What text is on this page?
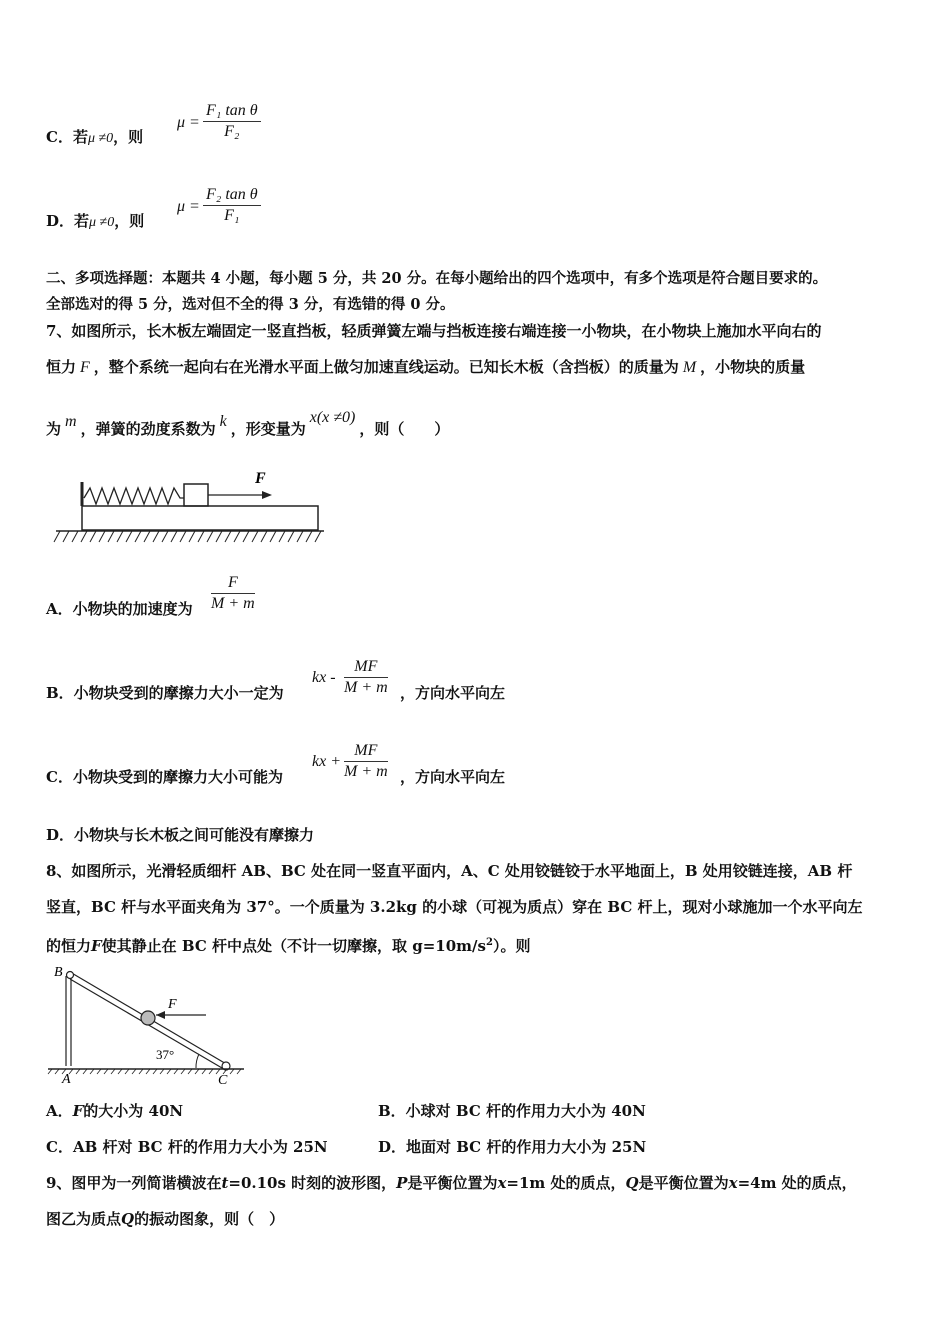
C．若μ ≠0，则
$\mu = \frac{\text{F₁ tan θ}}{\text{F₂}}$
D．若μ ≠0，则
$\mu = \frac{\text{F₂ tan θ}}{\text{F₁}}$
二、多项选择题：本题共 4 小题，每小题 5 分，共 20 分。在每小题给出的四个选项中，有多个选项是符合题目要求的。
全部选对的得 5 分，选对但不全的得 3 分，有选错的得 0 分。
7、如图所示，长木板左端固定一竖直挡板，轻质弹簧左端与挡板连接右端连接一小物块，在小物块上施加水平向右的
恒力 F ，整个系统一起向右在光滑水平面上做匀加速直线运动。已知长木板（含挡板）的质量为 M ，小物块的质量
为 m ，弹簧的劲度系数为 k ，形变量为 x(x ≠0) ，则（　　）
F
A．小物块的加速度为 $\frac{F}{M + m}$
B．小物块受到的摩擦力大小一定为
kx - $\frac{MF}{M + m}$ ，方向水平向左
C．小物块受到的摩擦力大小可能为
kx + $\frac{MF}{M + m}$ ，方向水平向左
D．小物块与长木板之间可能没有摩擦力
8、如图所示，光滑轻质细杆 AB、BC 处在同一竖直平面内，A、C 处用铰链铰于水平地面上，B 处用铰链连接，AB 杆
竖直，BC 杆与水平面夹角为 37°。一个质量为 3.2kg 的小球（可视为质点）穿在 BC 杆上，现对小球施加一个水平向左
的恒力F使其静止在 BC 杆中点处（不计一切摩擦，取 $g=10m/s^2$）。则
F
37°
B
A	C
A．F的大小为 40N	B．小球对 BC 杆的作用力大小为 40N
C．AB 杆对 BC 杆的作用力大小为 25N	D．地面对 BC 杆的作用力大小为 25N
9、图甲为一列简谐横波在t=0.10s 时刻的波形图，P是平衡位置为x=1m 处的质点，Q是平衡位置为x=4m 处的质点，
图乙为质点Q的振动图象，则（　）
